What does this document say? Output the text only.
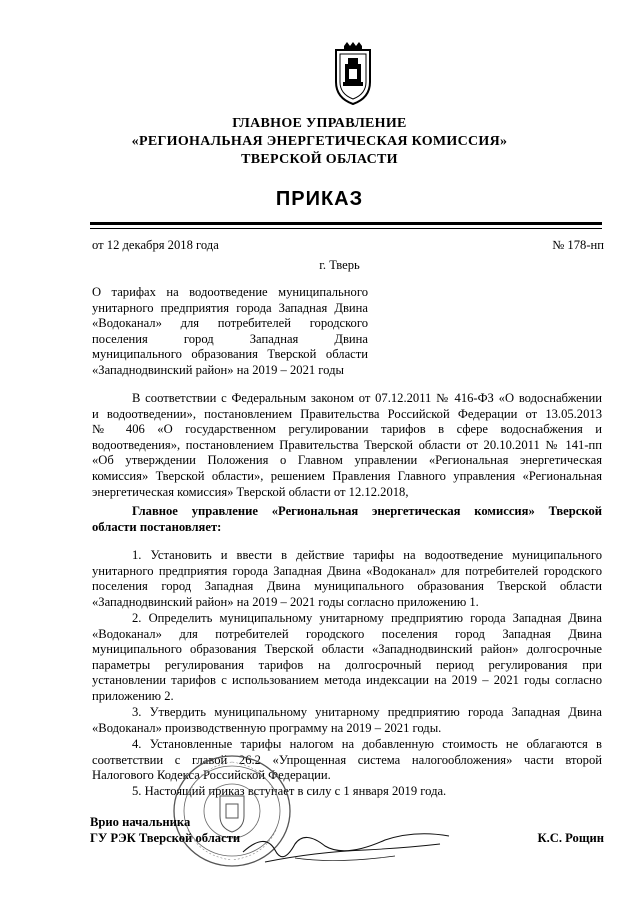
ГЛАВНОЕ УПРАВЛЕНИЕ
«РЕГИОНАЛЬНАЯ ЭНЕРГЕТИЧЕСКАЯ КОМИССИЯ»
ТВЕРСКОЙ ОБЛАСТИ
ПРИКАЗ
от 12 декабря 2018 года	№ 178-нп
г. Тверь
О тарифах на водоотведение муниципального
унитарного предприятия города Западная Двина
«Водоканал» для потребителей городского
поселения город Западная Двина
муниципального образования Тверской области
«Западнодвинский район» на 2019 – 2021 годы
В соответствии с Федеральным законом от 07.12.2011 № 416-ФЗ «О водоснабжении
и водоотведении», постановлением Правительства Российской Федерации от 13.05.2013
№ 406 «О государственном регулировании тарифов в сфере водоснабжения и
водоотведения», постановлением Правительства Тверской области от 20.10.2011 № 141-пп
«Об утверждении Положения о Главном управлении «Региональная энергетическая
комиссия» Тверской области», решением Правления Главного управления «Региональная
энергетическая комиссия» Тверской области от 12.12.2018,
Главное управление «Региональная энергетическая комиссия» Тверской
области постановляет:
1. Установить и ввести в действие тарифы на водоотведение муниципального
унитарного предприятия города Западная Двина «Водоканал» для потребителей городского
поселения город Западная Двина муниципального образования Тверской области
«Западнодвинский район» на 2019 – 2021 годы согласно приложению 1.
2. Определить муниципальному унитарному предприятию города Западная Двина
«Водоканал» для потребителей городского поселения город Западная Двина
муниципального образования Тверской области «Западнодвинский район» долгосрочные
параметры регулирования тарифов на долгосрочный период регулирования при
установлении тарифов с использованием метода индексации на 2019 – 2021 годы согласно
приложению 2.
3. Утвердить муниципальному унитарному предприятию города Западная Двина
«Водоканал» производственную программу на 2019 – 2021 годы.
4. Установленные тарифы налогом на добавленную стоимость не облагаются в
соответствии с главой 26.2 «Упрощенная система налогообложения» части второй
Налогового Кодекса Российской Федерации.
5. Настоящий приказ вступает в силу с 1 января 2019 года.
Врио начальника
ГУ РЭК Тверской области	К.С. Рощин
